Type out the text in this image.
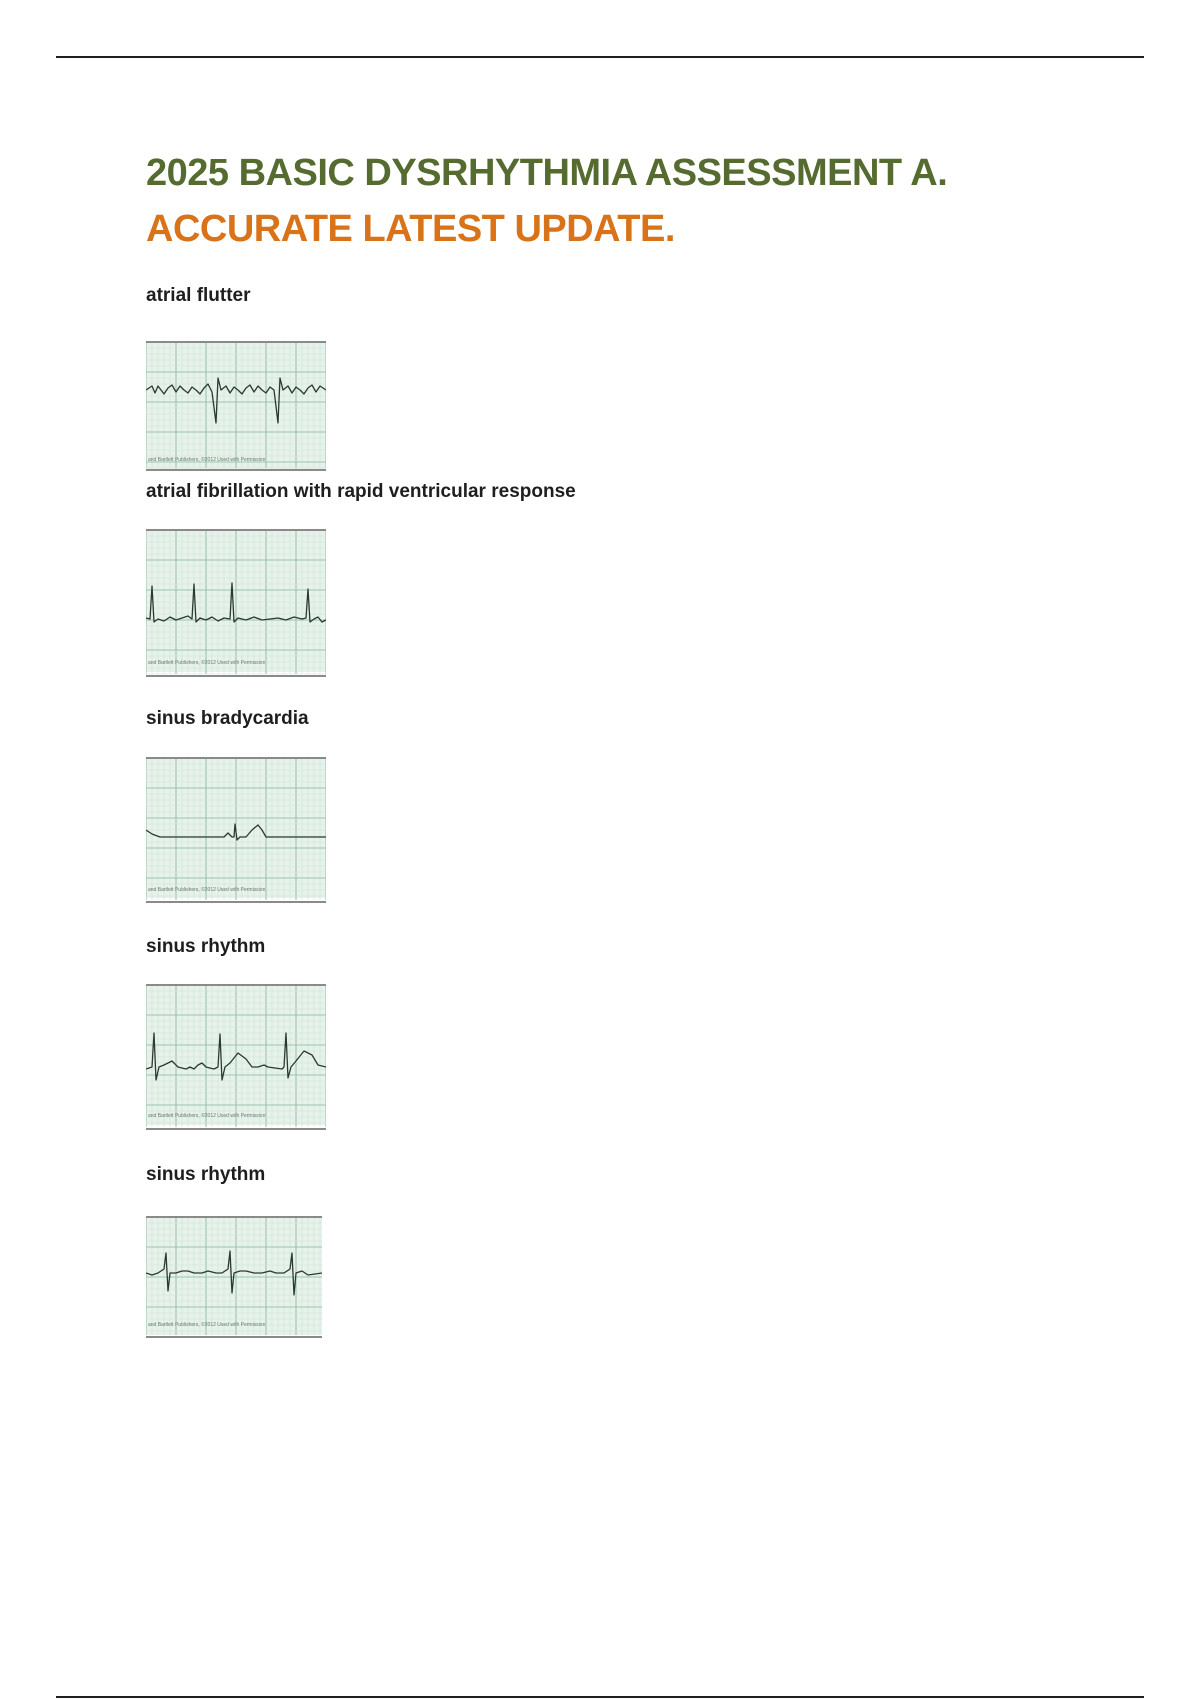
2025 BASIC DYSRHYTHMIA ASSESSMENT A.

ACCURATE LATEST UPDATE.

atrial flutter
and Bartlett Publishers, ©2012 Used with Permission
atrial fibrillation with rapid ventricular response
and Bartlett Publishers, ©2012 Used with Permission
sinus bradycardia
and Bartlett Publishers, ©2012 Used with Permission
sinus rhythm
and Bartlett Publishers, ©2012 Used with Permission
sinus rhythm
and Bartlett Publishers, ©2012 Used with Permission
